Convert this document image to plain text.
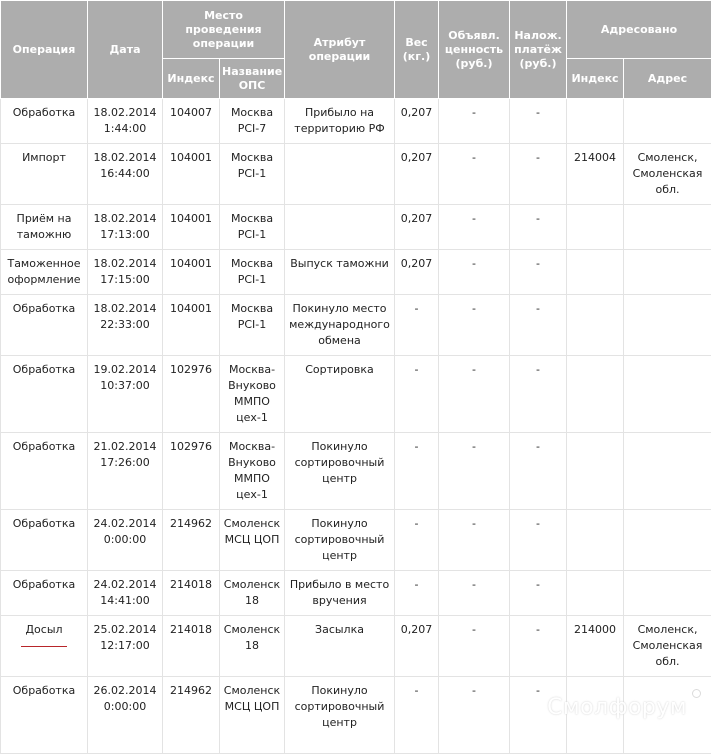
Операция	Дата	Место проведения операции		Атрибут операции	Вес (кг.)	Объявл. ценность (руб.)	Налож. платёж (руб.)	Адресовано	
		Индекс	Название ОПС					Индекс	Адрес
Обработка	18.02.2014 1:44:00	104007	Москва PCI-7	Прибыло на территорию РФ	0,207	-	-		
Импорт	18.02.2014 16:44:00	104001	Москва PCI-1		0,207	-	-	214004	Смоленск, Смоленская обл.
Приём на таможню	18.02.2014 17:13:00	104001	Москва PCI-1		0,207	-	-		
Таможенное оформление	18.02.2014 17:15:00	104001	Москва PCI-1	Выпуск таможни	0,207	-	-		
Обработка	18.02.2014 22:33:00	104001	Москва PCI-1	Покинуло место международного обмена	-	-	-		
Обработка	19.02.2014 10:37:00	102976	Москва-Внуково ММПО цех-1	Сортировка	-	-	-		
Обработка	21.02.2014 17:26:00	102976	Москва-Внуково ММПО цех-1	Покинуло сортировочный центр	-	-	-		
Обработка	24.02.2014 0:00:00	214962	Смоленск МСЦ ЦОП	Покинуло сортировочный центр	-	-	-		
Обработка	24.02.2014 14:41:00	214018	Смоленск 18	Прибыло в место вручения	-	-	-		
Досыл	25.02.2014 12:17:00	214018	Смоленск 18	Засылка	0,207	-	-	214000	Смоленск, Смоленская обл.
Обработка	26.02.2014 0:00:00	214962	Смоленск МСЦ ЦОП	Покинуло сортировочный центр	-	-	-		
Смолфорум
